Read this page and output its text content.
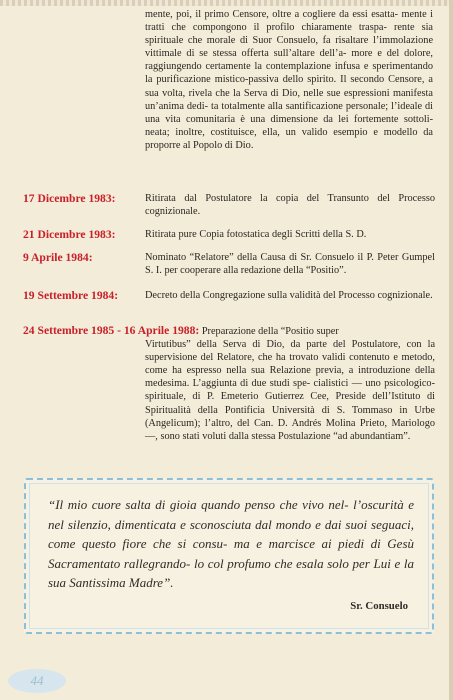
mente, poi, il primo Censore, oltre a cogliere da essi esatta- mente i tratti che compongono il profilo chiaramente traspa- rente sia spirituale che morale di Suor Consuelo, fa risaltare l’immolazione vittimale di se stessa offerta sull’altare dell’a- more e del dolore, raggiungendo certamente la contemplazione infusa e sperimentando la purificazione mistico-passiva dello spirito. Il secondo Censore, a sua volta, rivela che la Serva di Dio, nelle sue espressioni manifesta un’anima dedi- ta totalmente alla santificazione personale; l’ideale di una vita comunitaria è una dimensione da lei fortemente sottoli- neata; inoltre, costituisce, ella, un valido esempio e modello da proporre al Popolo di Dio.

17 Dicembre 1983:	Ritirata dal Postulatore la copia del Transunto del Processo cognizionale.
21 Dicembre 1983:	Ritirata pure Copia fotostatica degli Scritti della S. D.
9 Aprile 1984:	Nominato “Relatore” della Causa di Sr. Consuelo il P. Peter Gumpel S. I. per cooperare alla redazione della “Positio”.
19 Settembre 1984:	Decreto della Congregazione sulla validità del Processo cognizionale.

24 Settembre 1985 - 16 Aprile 1988: Preparazione della “Positio super

Virtutibus” della Serva di Dio, da parte del Postulatore, con la supervisione del Relatore, che ha trovato validi contenuto e metodo, come ha espresso nella sua Relazione previa, a introduzione della medesima. L’aggiunta di due studi spe- cialistici — uno psicologico-spirituale, di P. Emeterio Gutierrez Cee, Preside dell’Istituto di Spiritualità della Pontificia Università di S. Tommaso in Urbe (Angelicum); l’altro, del Can. D. Andrés Molina Prieto, Mariologo —, sono stati voluti dalla stessa Postulazione “ad abundantiam”.

“Il mio cuore salta di gioia quando penso che vivo nel- l’oscurità e nel silenzio, dimenticata e sconosciuta dal mondo e dai suoi seguaci, come questo fiore che si consu- ma e marcisce ai piedi di Gesù Sacramentato rallegrando- lo col profumo che esala solo per Lui e la sua Santissima Madre”.

Sr. Consuelo
44
